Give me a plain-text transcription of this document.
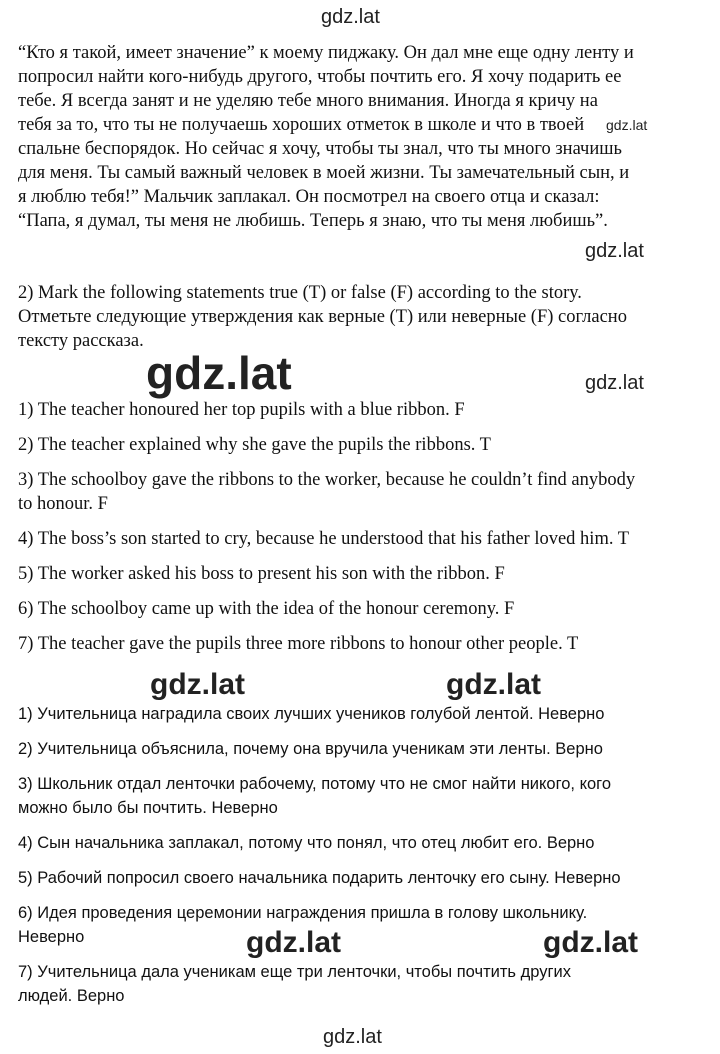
gdz.lat
gdz.lat
gdz.lat	gdz.lat
gdz.lat	gdz.lat
gdz.lat
“Кто я такой, имеет значение” к моему пиджаку. Он дал мне еще одну ленту и
попросил найти кого-нибудь другого, чтобы почтить его. Я хочу подарить ее
тебе. Я всегда занят и не уделяю тебе много внимания. Иногда я кричу на
тебя за то, что ты не получаешь хороших отметок в школе и что в твоей
спальне беспорядок. Но сейчас я хочу, чтобы ты знал, что ты много значишь
для меня. Ты самый важный человек в моей жизни. Ты замечательный сын, и
я люблю тебя!” Мальчик заплакал. Он посмотрел на своего отца и сказал:
“Папа, я думал, ты меня не любишь. Теперь я знаю, что ты меня любишь”.
gdz.lat
2) Mark the following statements true (T) or false (F) according to the story.
Отметьте следующие утверждения как верные (T) или неверные (F) согласно
тексту рассказа.
1) The teacher honoured her top pupils with a blue ribbon. F
2) The teacher explained why she gave the pupils the ribbons. T
3) The schoolboy gave the ribbons to the worker, because he couldn’t find anybody
to honour. F
4) The boss’s son started to cry, because he understood that his father loved him. T
5) The worker asked his boss to present his son with the ribbon. F
6) The schoolboy came up with the idea of the honour ceremony. F
7) The teacher gave the pupils three more ribbons to honour other people. T
1) Учительница наградила своих лучших учеников голубой лентой. Неверно
2) Учительница объяснила, почему она вручила ученикам эти ленты. Верно
3) Школьник отдал ленточки рабочему, потому что не смог найти никого, кого
можно было бы почтить. Неверно
4) Сын начальника заплакал, потому что понял, что отец любит его. Верно
5) Рабочий попросил своего начальника подарить ленточку его сыну. Неверно
6) Идея проведения церемонии награждения пришла в голову школьнику.
Неверно
7) Учительница дала ученикам еще три ленточки, чтобы почтить других
людей. Верно
gdz.lat	gdz.lat
